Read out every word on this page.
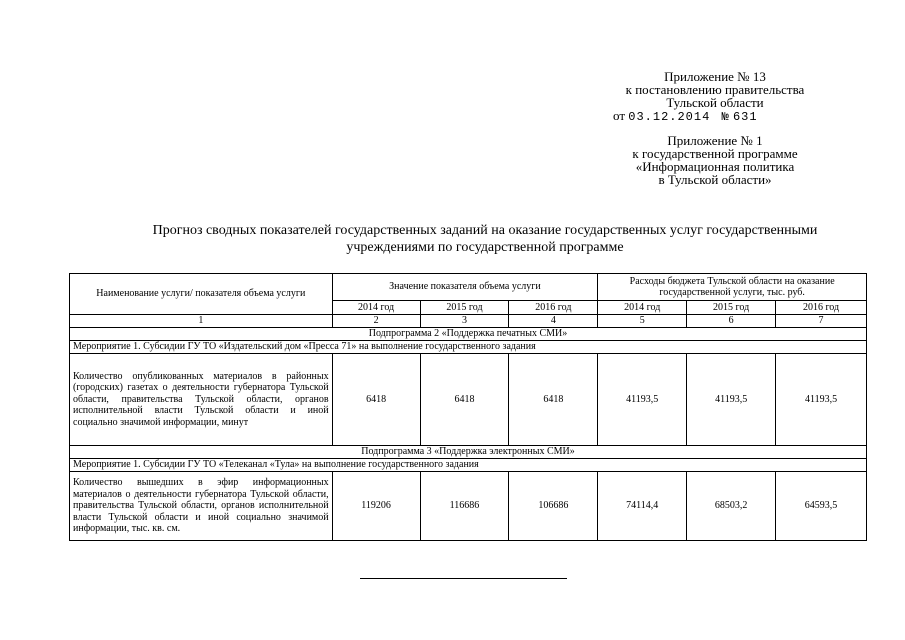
Приложение № 13
к постановлению правительства
Тульской области
от 03.12.2014 № 631
Приложение № 1
к государственной программе
«Информационная политика
в Тульской области»
Прогноз сводных показателей государственных заданий на оказание государственных услуг государственными
учреждениями по государственной программе
Наименование услуги/ показателя объема услуги	Значение показателя объема услуги			Расходы бюджета Тульской области на оказание государственной услуги, тыс. руб.		
	2014 год	2015 год	2016 год	2014 год	2015 год	2016 год
1	2	3	4	5	6	7
Подпрограмма 2 «Поддержка печатных СМИ»						
Мероприятие 1. Субсидии ГУ ТО «Издательский дом «Пресса 71» на выполнение государственного задания						
Количество опубликованных материалов в районных (городских) газетах о деятельности губернатора Тульской области, правительства Тульской области, органов исполнительной власти Тульской области и иной социально значимой информации, минут	6418	6418	6418	41193,5	41193,5	41193,5
Подпрограмма 3 «Поддержка электронных СМИ»						
Мероприятие 1. Субсидии ГУ ТО «Телеканал «Тула» на выполнение государственного задания						
Количество вышедших в эфир информационных материалов о деятельности губернатора Тульской области, правительства Тульской области, органов исполнительной власти Тульской области и иной социально значимой информации, тыс. кв. см.	119206	116686	106686	74114,4	68503,2	64593,5
